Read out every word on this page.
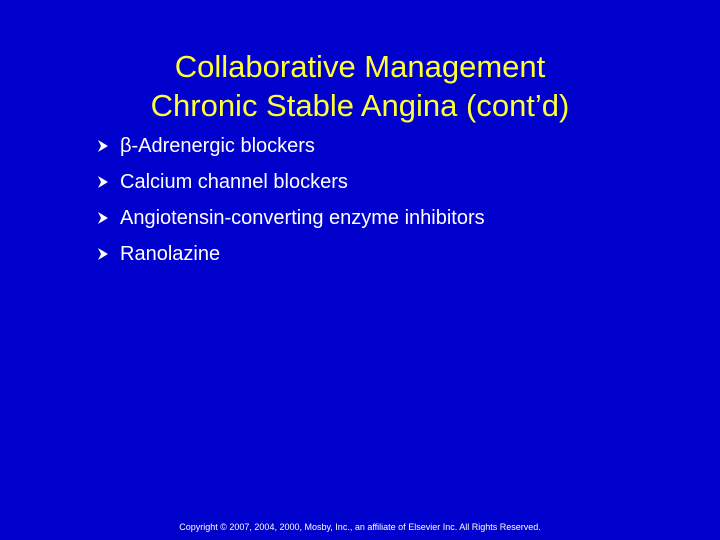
Collaborative Management
Chronic Stable Angina (cont’d)
β-Adrenergic blockers
Calcium channel blockers
Angiotensin-converting enzyme inhibitors
Ranolazine
Copyright © 2007, 2004, 2000, Mosby, Inc., an affiliate of Elsevier Inc. All Rights Reserved.
